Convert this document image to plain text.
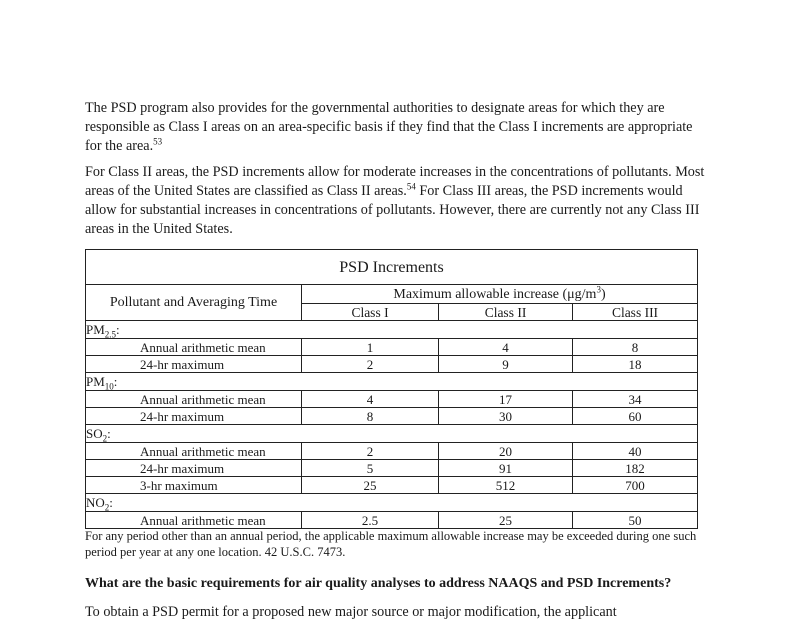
The PSD program also provides for the governmental authorities to designate areas for which they are responsible as Class I areas on an area-specific basis if they find that the Class I increments are appropriate for the area.$^{53}$

For Class II areas, the PSD increments allow for moderate increases in the concentrations of pollutants. Most areas of the United States are classified as Class II areas.$^{54}$ For Class III areas, the PSD increments would allow for substantial increases in concentrations of pollutants. However, there are currently not any Class III areas in the United States.

PSD Increments			
Pollutant and Averaging Time	Maximum allowable increase $(\mu g/m^3)$		
	Class I	Class II	Class III
$PM_{2.5}$:			
Annual arithmetic mean	1	4	8
24-hr maximum	2	9	18
$PM_{10}$:			
Annual arithmetic mean	4	17	34
24-hr maximum	8	30	60
$SO_2$:			
Annual arithmetic mean	2	20	40
24-hr maximum	5	91	182
3-hr maximum	25	512	700
$NO_2$:			
Annual arithmetic mean	2.5	25	50

For any period other than an annual period, the applicable maximum allowable increase may be exceeded during one such period per year at any one location. 42 U.S.C. 7473.

What are the basic requirements for air quality analyses to address NAAQS and PSD Increments?

To obtain a PSD permit for a proposed new major source or major modification, the applicant
